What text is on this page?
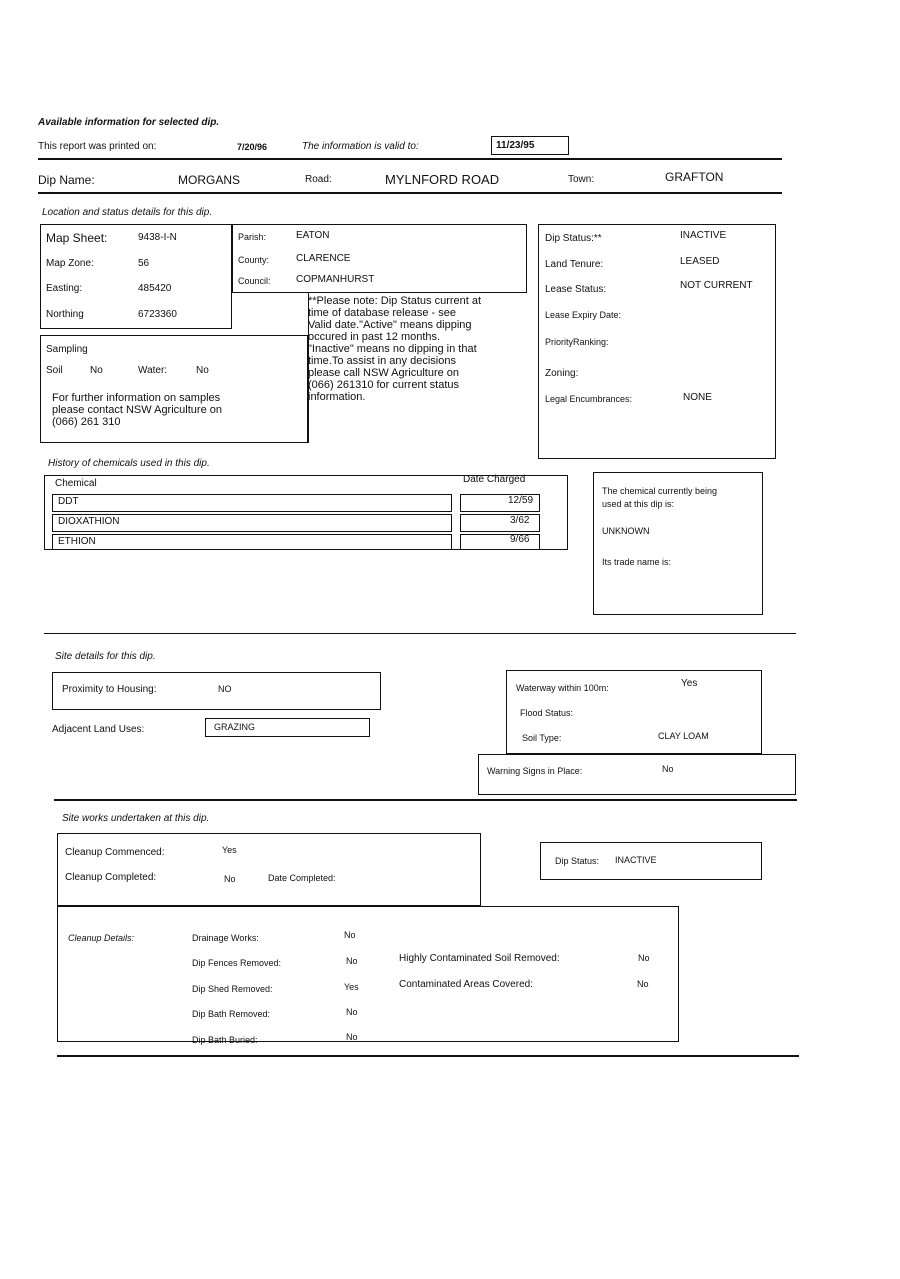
Available information for selected dip.
This report was printed on:	7/20/96	The information is valid to:	11/23/95
Dip Name:	MORGANS	Road:	MYLNFORD ROAD	Town:	GRAFTON
Location and status details for this dip.
Map Sheet:	9438-I-N
Map Zone:	56
Easting:	485420
Northing	6723360
Parish:	EATON
County:	CLARENCE
Council:	COPMANHURST
**Please note: Dip Status current at
time of database release - see
Valid date."Active" means dipping
occured in past 12 months.
"Inactive" means no dipping in that
time.To assist in any decisions
please call NSW Agriculture on
(066) 261310 for current status
information.
Sampling
Soil	No	Water:	No
For further information on samples
please contact NSW Agriculture on
(066) 261 310
Dip Status:**	INACTIVE
Land Tenure:	LEASED
Lease Status:	NOT CURRENT
Lease Expiry Date:
PriorityRanking:
Zoning:
Legal Encumbrances:	NONE
History of chemicals used in this dip.
Chemical	Date Charged
DDT	12/59
DIOXATHION	3/62
ETHION	9/66
The chemical currently being
used at this dip is:
UNKNOWN
Its trade name is:
Site details for this dip.
Proximity to Housing:	NO
Adjacent Land Uses:	GRAZING
Waterway within 100m:	Yes
Flood Status:
Soil Type:	CLAY LOAM
Warning Signs in Place:	No
Site works undertaken at this dip.
Cleanup Commenced:	Yes
Cleanup Completed:	No	Date Completed:
Dip Status: INACTIVE
Cleanup Details:	Drainage Works:	No
Dip Fences Removed:	No
Dip Shed Removed:	Yes
Dip Bath Removed:	No
Dip Bath Buried:	No
Highly Contaminated Soil Removed:	No
Contaminated Areas Covered:	No
